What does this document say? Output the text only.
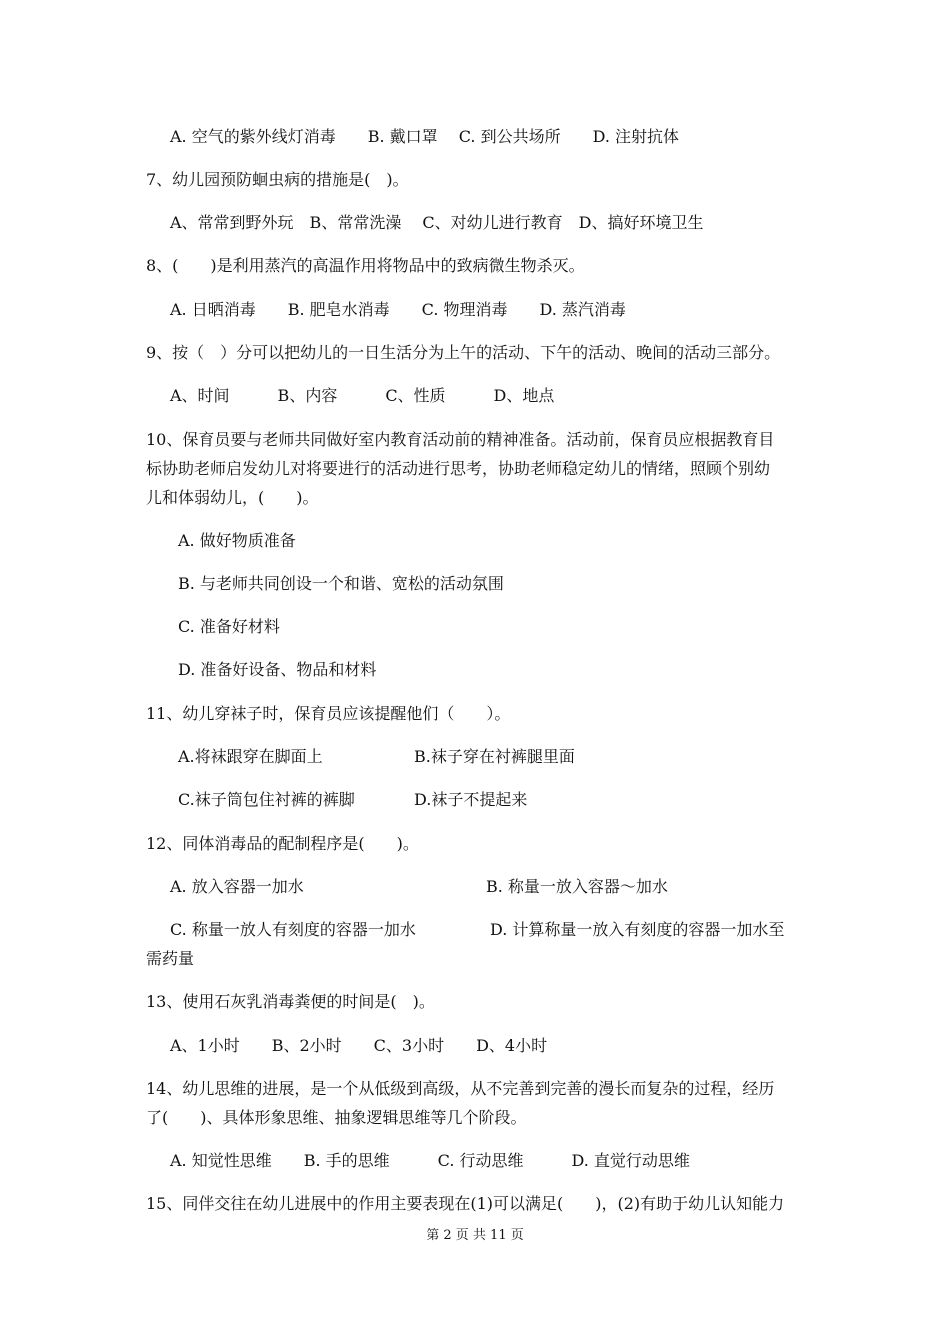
A. 空气的紫外线灯消毒　　B. 戴口罩　 C. 到公共场所　　D. 注射抗体
7、幼儿园预防蛔虫病的措施是(　)。
A、常常到野外玩　B、常常洗澡　 C、对幼儿进行教育　D、搞好环境卫生
8、(　　)是利用蒸汽的高温作用将物品中的致病微生物杀灭。
A. 日晒消毒　　B. 肥皂水消毒　　C. 物理消毒　　D. 蒸汽消毒
9、按（　）分可以把幼儿的一日生活分为上午的活动、下午的活动、晚间的活动三部分。
A、时间　　　B、内容　　　C、性质　　　D、地点
10、保育员要与老师共同做好室内教育活动前的精神准备。活动前，保育员应根据教育目
标协助老师启发幼儿对将要进行的活动进行思考，协助老师稳定幼儿的情绪，照顾个别幼
儿和体弱幼儿，(　　)。
A. 做好物质准备
B. 与老师共同创设一个和谐、宽松的活动氛围
C. 准备好材料
D. 准备好设备、物品和材料
11、幼儿穿袜子时，保育员应该提醒他们（　　）。
A.将袜跟穿在脚面上	B.袜子穿在衬裤腿里面
C.袜子筒包住衬裤的裤脚	D.袜子不提起来
12、同体消毒品的配制程序是(　　)。
A. 放入容器一加水	B. 称量一放入容器～加水
C. 称量一放人有刻度的容器一加水	D. 计算称量一放入有刻度的容器一加水至
需药量
13、使用石灰乳消毒粪便的时间是(　)。
A、1小时　　B、2小时　　C、3小时　　D、4小时
14、幼儿思维的进展，是一个从低级到高级，从不完善到完善的漫长而复杂的过程，经历
了(　　)、具体形象思维、抽象逻辑思维等几个阶段。
A. 知觉性思维　　B. 手的思维　　　C. 行动思维　　　D. 直觉行动思维
15、同伴交往在幼儿进展中的作用主要表现在(1)可以满足(　　)，(2)有助于幼儿认知能力
第 2 页 共 11 页
